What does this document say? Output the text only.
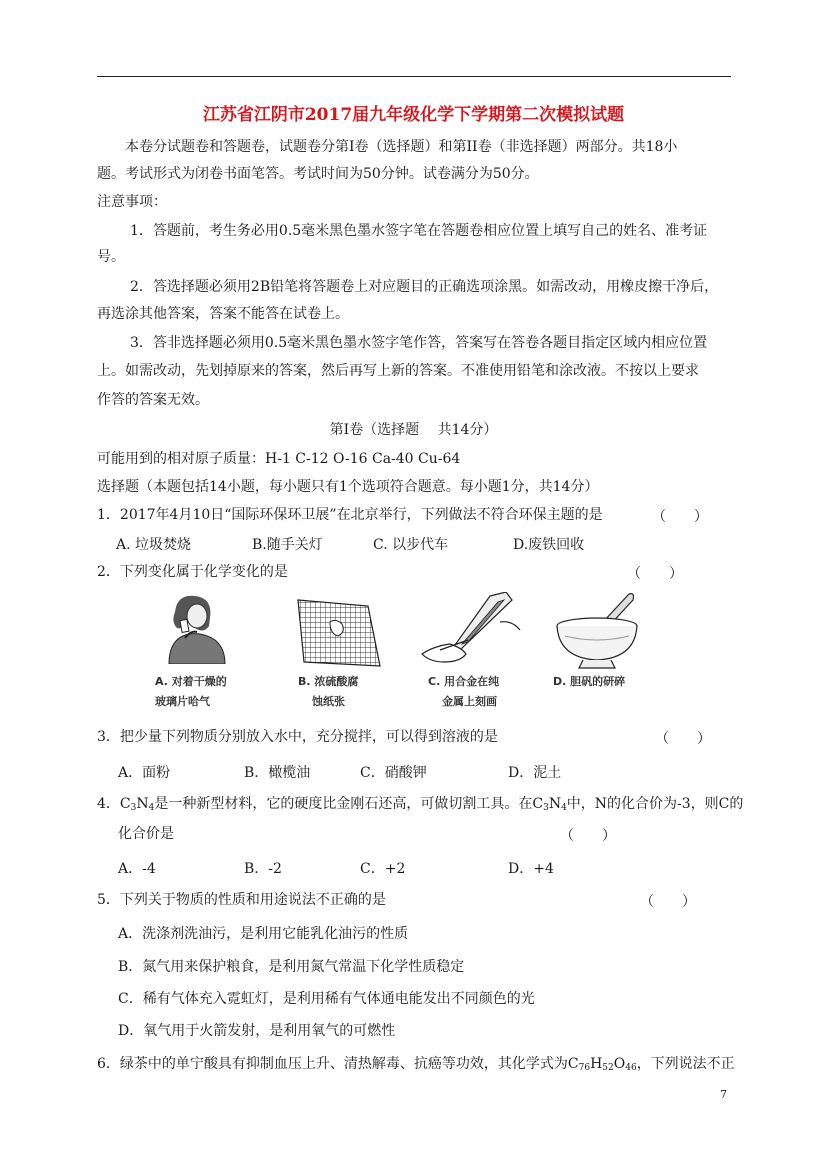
江苏省江阴市2017届九年级化学下学期第二次模拟试题
本卷分试题卷和答题卷，试题卷分第Ⅰ卷（选择题）和第II卷（非选择题）两部分。共18小
题。考试形式为闭卷书面笔答。考试时间为50分钟。试卷满分为50分。
注意事项：
1．答题前，考生务必用0.5毫米黑色墨水签字笔在答题卷相应位置上填写自己的姓名、准考证
号。
2．答选择题必须用2B铅笔将答题卷上对应题目的正确选项涂黑。如需改动，用橡皮擦干净后，
再选涂其他答案，答案不能答在试卷上。
3．答非选择题必须用0.5毫米黑色墨水签字笔作答，答案写在答卷各题目指定区域内相应位置
上。如需改动，先划掉原来的答案，然后再写上新的答案。不准使用铅笔和涂改液。不按以上要求
作答的答案无效。
第Ⅰ卷（选择题　 共14分）
可能用到的相对原子质量：H-1 C-12 O-16 Ca-40 Cu-64
选择题（本题包括14小题，每小题只有1个选项符合题意。每小题1分，共14分）
1．2017年4月10日“国际环保环卫展”在北京举行，下列做法不符合环保主题的是	（　　）
A. 垃圾焚烧	B.随手关灯	C. 以步代车	D.废铁回收
2．下列变化属于化学变化的是	（　　）
A. 对着干燥的
玻璃片哈气
B. 浓硫酸腐
蚀纸张
C. 用合金在纯
金属上刻画
D. 胆矾的研碎
3．把少量下列物质分别放入水中，充分搅拌，可以得到溶液的是	（　　）
A．面粉	B．橄榄油	C．硝酸钾	D．泥土
4．$C_3N_4$是一种新型材料，它的硬度比金刚石还高，可做切割工具。在$C_3N_4$中，N的化合价为-3，则C的
化合价是	（　　）
A．-4	B．-2	C．+2	D．+4
5．下列关于物质的性质和用途说法不正确的是	（　　）
A．洗涤剂洗油污，是利用它能乳化油污的性质
B．氮气用来保护粮食，是利用氮气常温下化学性质稳定
C．稀有气体充入霓虹灯，是利用稀有气体通电能发出不同颜色的光
D．氧气用于火箭发射，是利用氧气的可燃性
6．绿茶中的单宁酸具有抑制血压上升、清热解毒、抗癌等功效，其化学式为$C_{76}H_{52}O_{46}$，下列说法不正
7
